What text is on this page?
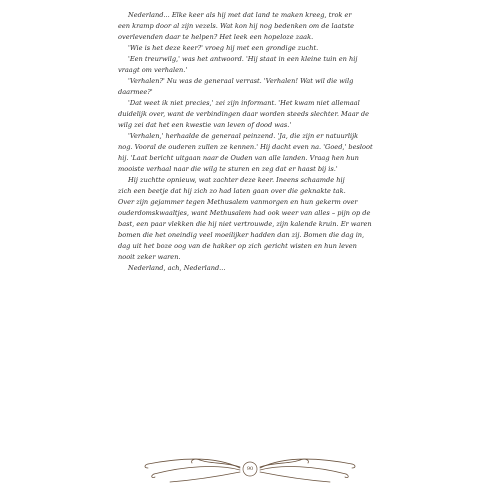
Nederland... Elke keer als hij met dat land te maken kreeg, trok er
een kramp door al zijn vezels. Wat kon hij nog bedenken om de laatste
overlevenden daar te helpen? Het leek een hopeloze zaak.
'Wie is het deze keer?' vroeg hij met een grondige zucht.
'Een treurwilg,' was het antwoord. 'Hij staat in een kleine tuin en hij
vraagt om verhalen.'
'Verhalen?' Nu was de generaal verrast. 'Verhalen! Wat wil die wilg
daarmee?'
'Dat weet ik niet precies,' zei zijn informant. 'Het kwam niet allemaal
duidelijk over, want de verbindingen daar worden steeds slechter. Maar de
wilg zei dat het een kwestie van leven of dood was.'
'Verhalen,' herhaalde de generaal peinzend. 'Ja, die zijn er natuurlijk
nog. Vooral de ouderen zullen ze kennen.' Hij dacht even na. 'Goed,' besloot
hij. 'Laat bericht uitgaan naar de Ouden van alle landen. Vraag hen hun
mooiste verhaal naar die wilg te sturen en zeg dat er haast bij is.'
Hij zuchtte opnieuw, wat zachter deze keer. Ineens schaamde hij
zich een beetje dat hij zich zo had laten gaan over die geknakte tak.
Over zijn gejammer tegen Methusalem vanmorgen en hun gekerm over
ouderdomskwaaltjes, want Methusalem had ook weer van alles – pijn op de
bast, een paar vlekken die hij niet vertrouwde, zijn kalende kruin. Er waren
bomen die het oneindig veel moeilijker hadden dan zij. Bomen die dag in,
dag uit het boze oog van de hakker op zich gericht wisten en hun leven
nooit zeker waren.
Nederland, ach, Nederland...
90
